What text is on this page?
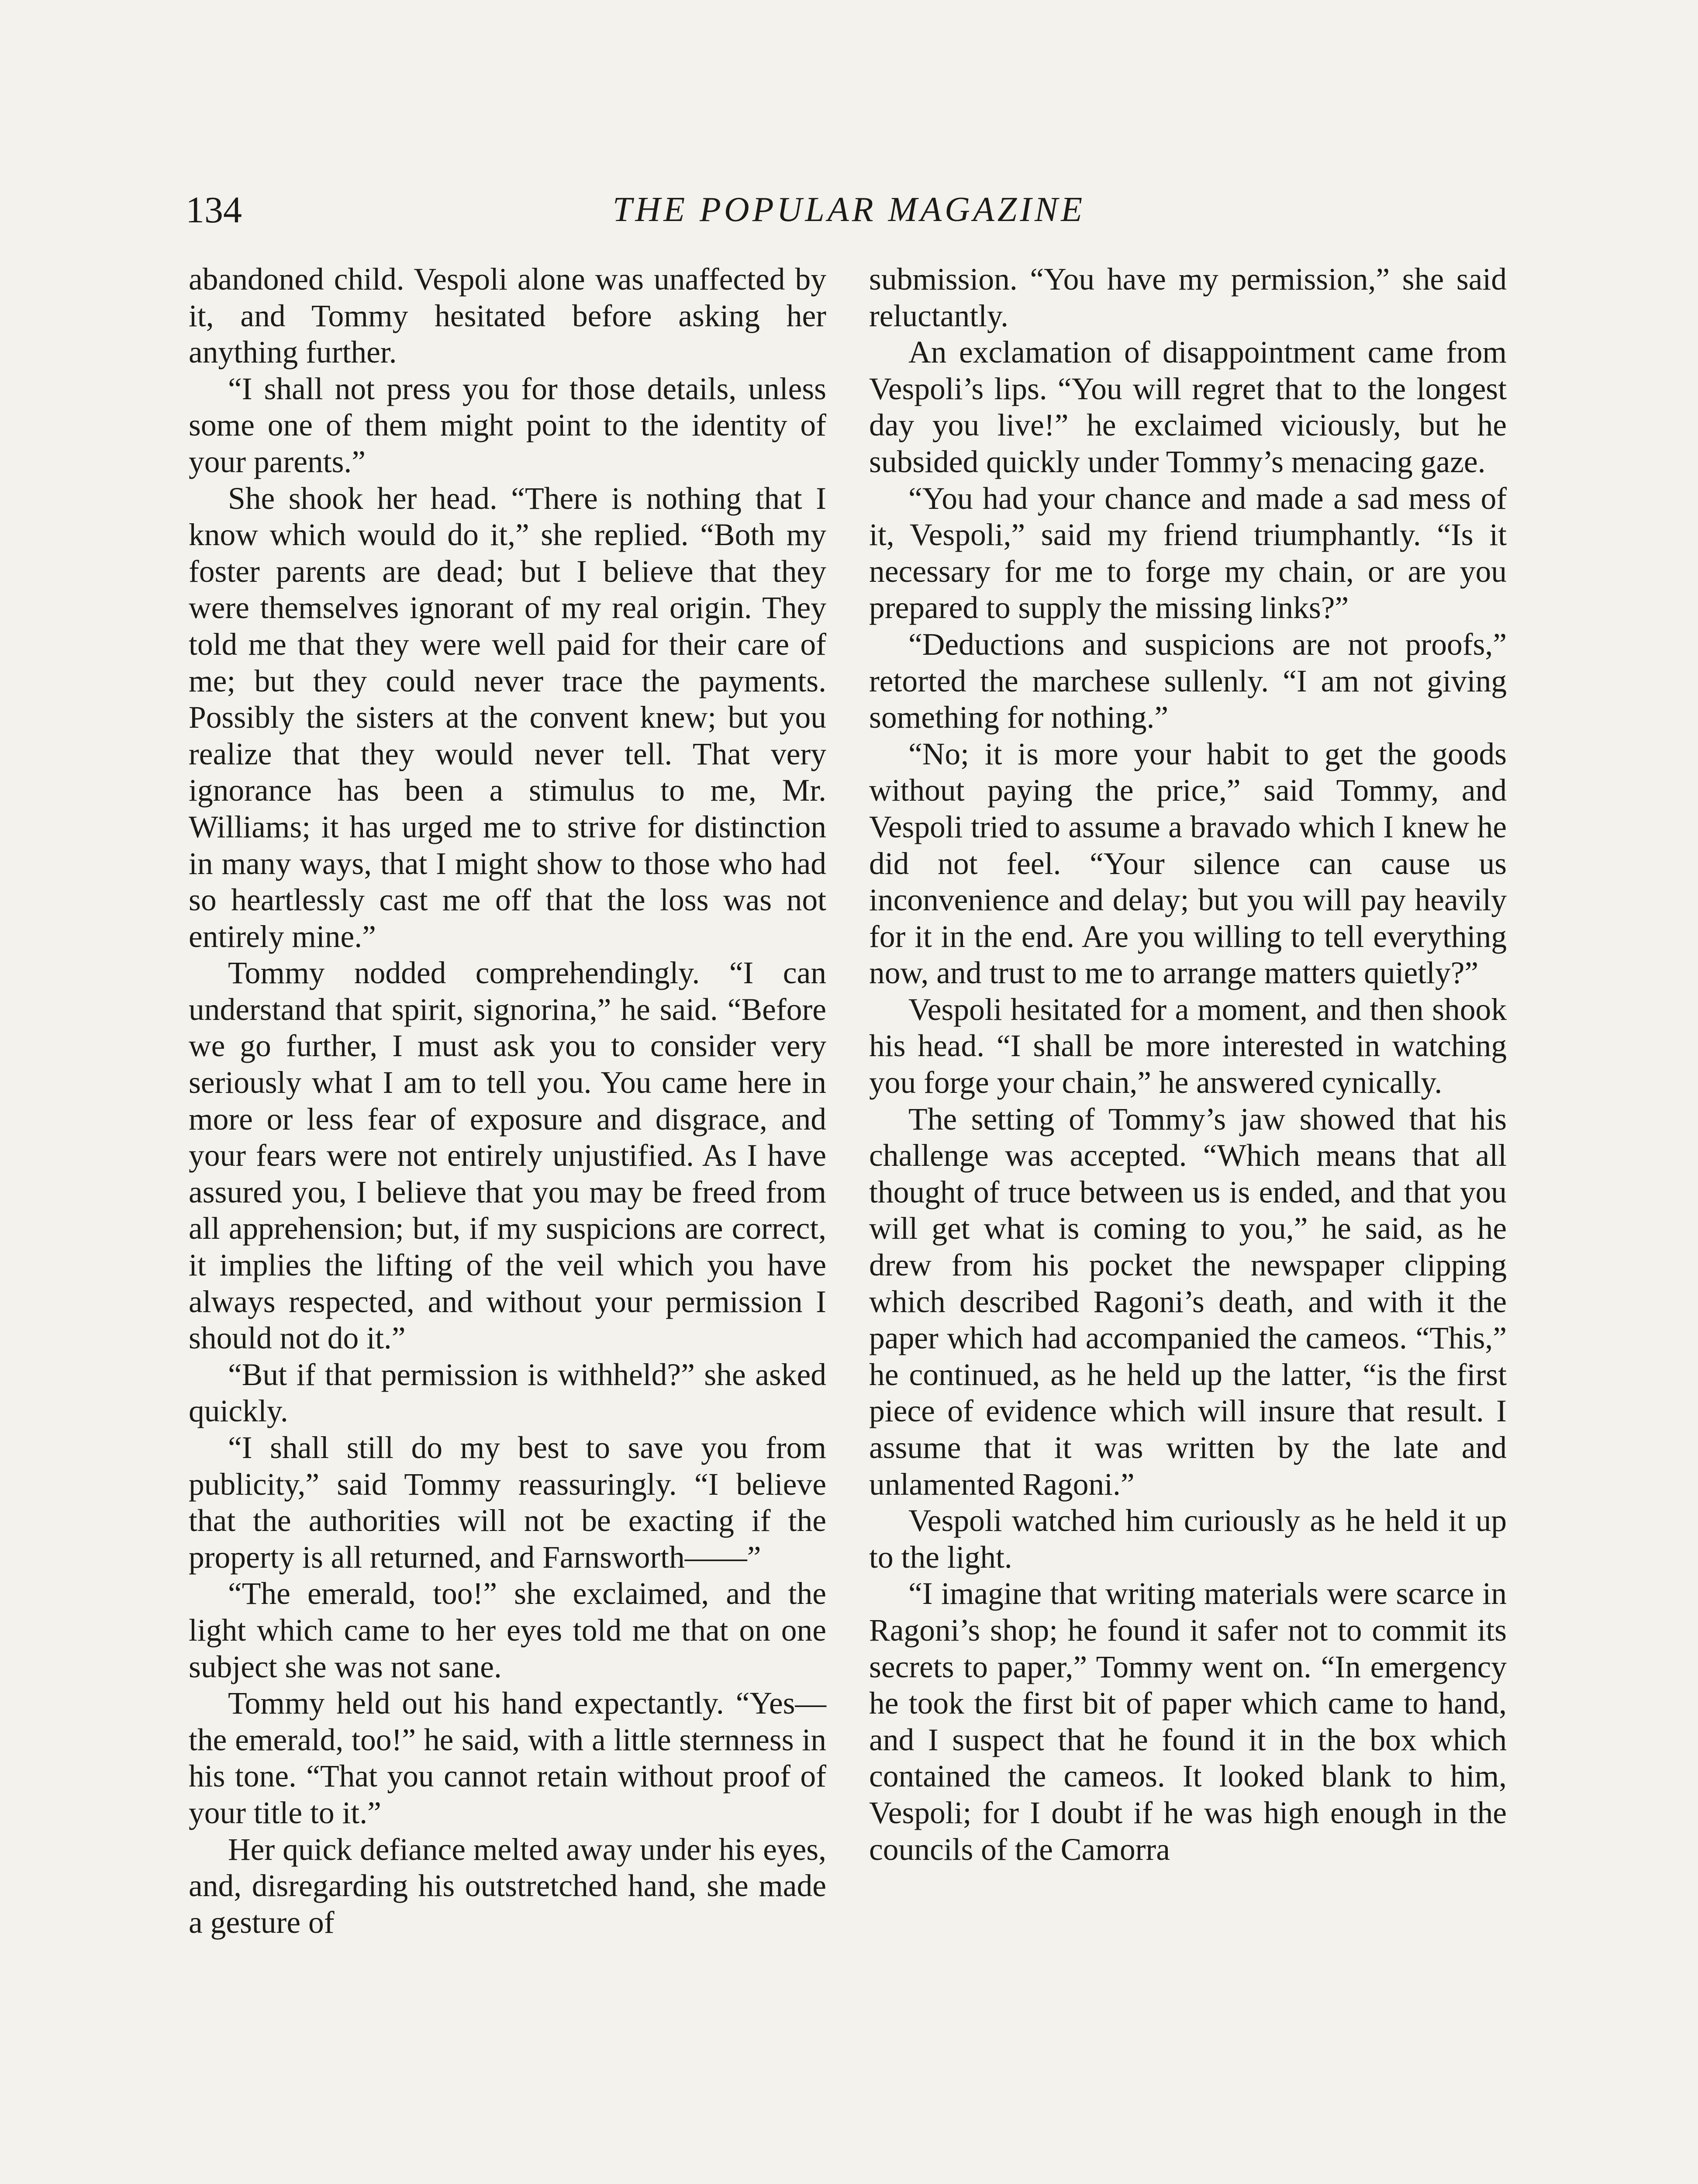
134	THE POPULAR MAGAZINE

abandoned child. Vespoli alone was unaffected by it, and Tommy hesitated before asking her anything further.

“I shall not press you for those details, unless some one of them might point to the identity of your parents.”

She shook her head. “There is nothing that I know which would do it,” she replied. “Both my foster parents are dead; but I believe that they were themselves ignorant of my real origin. They told me that they were well paid for their care of me; but they could never trace the payments. Possibly the sisters at the convent knew; but you realize that they would never tell. That very ignorance has been a stimulus to me, Mr. Williams; it has urged me to strive for distinction in many ways, that I might show to those who had so heartlessly cast me off that the loss was not entirely mine.”

Tommy nodded comprehendingly. “I can understand that spirit, signorina,” he said. “Before we go further, I must ask you to consider very seriously what I am to tell you. You came here in more or less fear of exposure and disgrace, and your fears were not entirely unjustified. As I have assured you, I believe that you may be freed from all apprehension; but, if my suspicions are correct, it implies the lifting of the veil which you have always respected, and without your permission I should not do it.”

“But if that permission is withheld?” she asked quickly.

“I shall still do my best to save you from publicity,” said Tommy reassuringly. “I believe that the authorities will not be exacting if the property is all returned, and Farnsworth——”

“The emerald, too!” she exclaimed, and the light which came to her eyes told me that on one subject she was not sane.

Tommy held out his hand expectantly. “Yes—the emerald, too!” he said, with a little sternness in his tone. “That you cannot retain without proof of your title to it.”

Her quick defiance melted away under his eyes, and, disregarding his outstretched hand, she made a gesture of

submission. “You have my permission,” she said reluctantly.

An exclamation of disappointment came from Vespoli’s lips. “You will regret that to the longest day you live!” he exclaimed viciously, but he subsided quickly under Tommy’s menacing gaze.

“You had your chance and made a sad mess of it, Vespoli,” said my friend triumphantly. “Is it necessary for me to forge my chain, or are you prepared to supply the missing links?”

“Deductions and suspicions are not proofs,” retorted the marchese sullenly. “I am not giving something for nothing.”

“No; it is more your habit to get the goods without paying the price,” said Tommy, and Vespoli tried to assume a bravado which I knew he did not feel. “Your silence can cause us inconvenience and delay; but you will pay heavily for it in the end. Are you willing to tell everything now, and trust to me to arrange matters quietly?”

Vespoli hesitated for a moment, and then shook his head. “I shall be more interested in watching you forge your chain,” he answered cynically.

The setting of Tommy’s jaw showed that his challenge was accepted. “Which means that all thought of truce between us is ended, and that you will get what is coming to you,” he said, as he drew from his pocket the newspaper clipping which described Ragoni’s death, and with it the paper which had accompanied the cameos. “This,” he continued, as he held up the latter, “is the first piece of evidence which will insure that result. I assume that it was written by the late and unlamented Ragoni.”

Vespoli watched him curiously as he held it up to the light.

“I imagine that writing materials were scarce in Ragoni’s shop; he found it safer not to commit its secrets to paper,” Tommy went on. “In emergency he took the first bit of paper which came to hand, and I suspect that he found it in the box which contained the cameos. It looked blank to him, Vespoli; for I doubt if he was high enough in the councils of the Camorra
